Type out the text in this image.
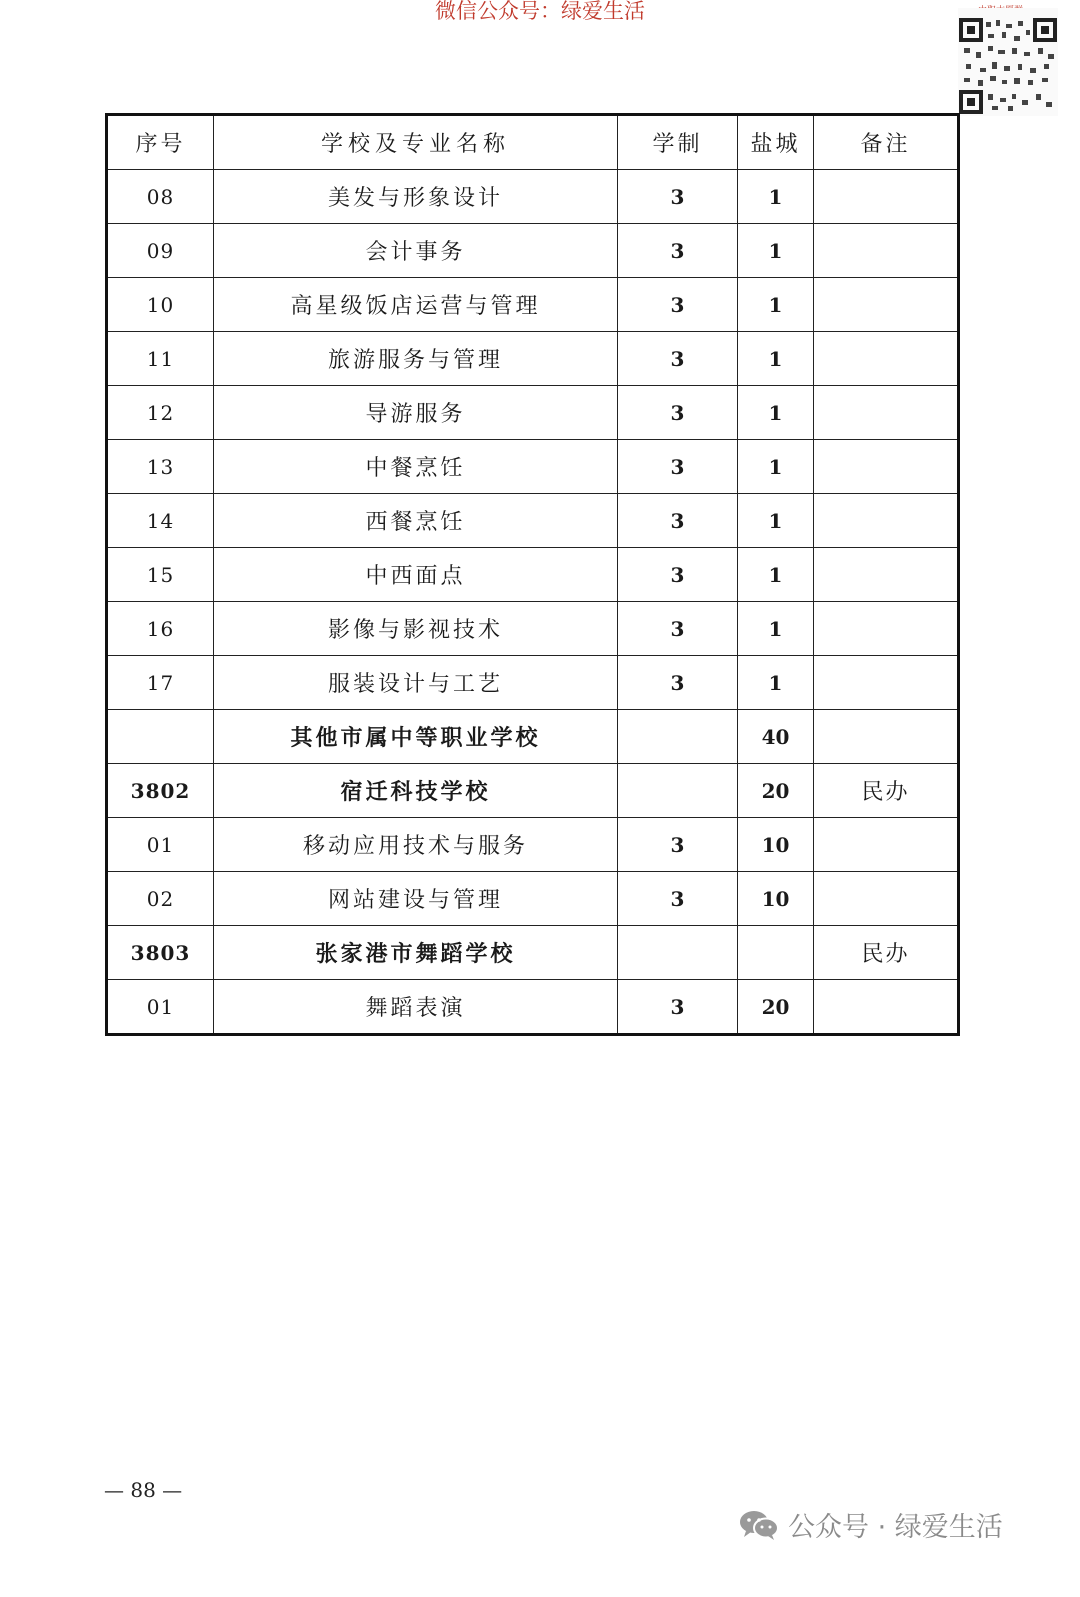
微信公众号：绿爱生活
序号	学校及专业名称	学制	盐城	备注
08	美发与形象设计	3	1	
09	会计事务	3	1	
10	高星级饭店运营与管理	3	1	
11	旅游服务与管理	3	1	
12	导游服务	3	1	
13	中餐烹饪	3	1	
14	西餐烹饪	3	1	
15	中西面点	3	1	
16	影像与影视技术	3	1	
17	服装设计与工艺	3	1	
	其他市属中等职业学校		40	
3802	宿迁科技学校		20	民办
01	移动应用技术与服务	3	10	
02	网站建设与管理	3	10	
3803	张家港市舞蹈学校			民办
01	舞蹈表演	3	20	
— 88 —
公众号 · 绿爱生活
